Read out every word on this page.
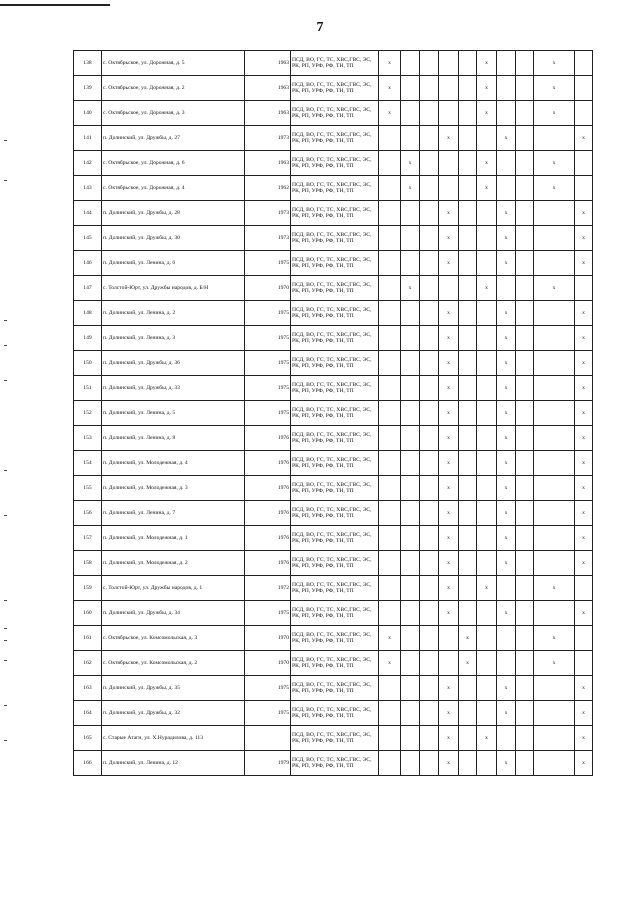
7
138	с. Октябрьское, ул. Дорожная, д. 5	1963	ПСД, ВО, ГС, ТС, ХВС,ГВС, ЭС, РК, РП, УРФ, РФ, ТН, ТП	x					x			x	
139	с. Октябрьское, ул. Дорожная, д. 2	1963	ПСД, ВО, ГС, ТС, ХВС,ГВС, ЭС, РК, РП, УРФ, РФ, ТН, ТП	x					x			x	
140	с. Октябрьское, ул. Дорожная, д. 3	1963	ПСД, ВО, ГС, ТС, ХВС,ГВС, ЭС, РК, РП, УРФ, РФ, ТН, ТП	x					x			x	
141	п. Долинский, ул. Дружбы, д. 27	1973	ПСД, ВО, ГС, ТС, ХВС,ГВС, ЭС, РК, РП, УРФ, РФ, ТН, ТП				x			x			x
142	с. Октябрьское, ул. Дорожная, д. 6	1963	ПСД, ВО, ГС, ТС, ХВС,ГВС, ЭС, РК, РП, УРФ, РФ, ТН, ТП		x				x			x	
143	с. Октябрьское, ул. Дорожная, д. 4	1962	ПСД, ВО, ГС, ТС, ХВС,ГВС, ЭС, РК, РП, УРФ, РФ, ТН, ТП		x				x			x	
144	п. Долинский, ул. Дружбы, д. 28	1973	ПСД, ВО, ГС, ТС, ХВС,ГВС, ЭС, РК, РП, УРФ, РФ, ТН, ТП				x			x			x
145	п. Долинский, ул. Дружбы, д. 30	1973	ПСД, ВО, ГС, ТС, ХВС,ГВС, ЭС, РК, РП, УРФ, РФ, ТН, ТП				x			x			x
146	п. Долинский, ул. Ленина, д. 6	1975	ПСД, ВО, ГС, ТС, ХВС,ГВС, ЭС, РК, РП, УРФ, РФ, ТН, ТП				x			x			x
147	с. Толстой-Юрт, ул. Дружбы народов, д. Б/Н	1970	ПСД, ВО, ГС, ТС, ХВС,ГВС, ЭС, РК, РП, УРФ, РФ, ТН, ТП		x				x			x	
148	п. Долинский, ул. Ленина, д. 2	1975	ПСД, ВО, ГС, ТС, ХВС,ГВС, ЭС, РК, РП, УРФ, РФ, ТН, ТП				x			x			x
149	п. Долинский, ул. Ленина, д. 3	1975	ПСД, ВО, ГС, ТС, ХВС,ГВС, ЭС, РК, РП, УРФ, РФ, ТН, ТП				x			x			x
150	п. Долинский, ул. Дружбы, д. 36	1975	ПСД, ВО, ГС, ТС, ХВС,ГВС, ЭС, РК, РП, УРФ, РФ, ТН, ТП				x			x			x
151	п. Долинский, ул. Дружбы, д. 33	1975	ПСД, ВО, ГС, ТС, ХВС,ГВС, ЭС, РК, РП, УРФ, РФ, ТН, ТП				x			x			x
152	п. Долинский, ул. Ленина, д. 5	1975	ПСД, ВО, ГС, ТС, ХВС,ГВС, ЭС, РК, РП, УРФ, РФ, ТН, ТП				x			x			x
153	п. Долинский, ул. Ленина, д. 8	1976	ПСД, ВО, ГС, ТС, ХВС,ГВС, ЭС, РК, РП, УРФ, РФ, ТН, ТП				x			x			x
154	п. Долинский, ул. Молодежная, д. 4	1976	ПСД, ВО, ГС, ТС, ХВС,ГВС, ЭС, РК, РП, УРФ, РФ, ТН, ТП				x			x			x
155	п. Долинский, ул. Молодежная, д. 3	1976	ПСД, ВО, ГС, ТС, ХВС,ГВС, ЭС, РК, РП, УРФ, РФ, ТН, ТП				x			x			x
156	п. Долинский, ул. Ленина, д. 7	1976	ПСД, ВО, ГС, ТС, ХВС,ГВС, ЭС, РК, РП, УРФ, РФ, ТН, ТП				x			x			x
157	п. Долинский, ул. Молодежная, д. 1	1976	ПСД, ВО, ГС, ТС, ХВС,ГВС, ЭС, РК, РП, УРФ, РФ, ТН, ТП				x			x			x
158	п. Долинский, ул. Молодежная, д. 2	1976	ПСД, ВО, ГС, ТС, ХВС,ГВС, ЭС, РК, РП, УРФ, РФ, ТН, ТП				x			x			x
159	с. Толстой-Юрт, ул. Дружбы народов, д. 1	1972	ПСД, ВО, ГС, ТС, ХВС,ГВС, ЭС, РК, РП, УРФ, РФ, ТН, ТП				x		x			x	
160	п. Долинский, ул. Дружбы, д. 34	1975	ПСД, ВО, ГС, ТС, ХВС,ГВС, ЭС, РК, РП, УРФ, РФ, ТН, ТП				x			x			x
161	с. Октябрьское, ул. Комсомольская, д. 3	1970	ПСД, ВО, ГС, ТС, ХВС,ГВС, ЭС, РК, РП, УРФ, РФ, ТН, ТП	x				x				x	
162	с. Октябрьское, ул. Комсомольская, д. 2	1970	ПСД, ВО, ГС, ТС, ХВС,ГВС, ЭС, РК, РП, УРФ, РФ, ТН, ТП	x				x				x	
163	п. Долинский, ул. Дружбы, д. 35	1975	ПСД, ВО, ГС, ТС, ХВС,ГВС, ЭС, РК, РП, УРФ, РФ, ТН, ТП				x			x			x
164	п. Долинский, ул. Дружбы, д. 32	1975	ПСД, ВО, ГС, ТС, ХВС,ГВС, ЭС, РК, РП, УРФ, РФ, ТН, ТП				x			x			x
165	с. Старые Атаги, ул. Х.Нурадилова, д. 113		ПСД, ВО, ГС, ТС, ХВС,ГВС, ЭС, РК, РП, УРФ, РФ, ТН, ТП				x		x				x
166	п. Долинский, ул. Ленина, д. 12	1979	ПСД, ВО, ГС, ТС, ХВС,ГВС, ЭС, РК, РП, УРФ, РФ, ТН, ТП				x			x			x
